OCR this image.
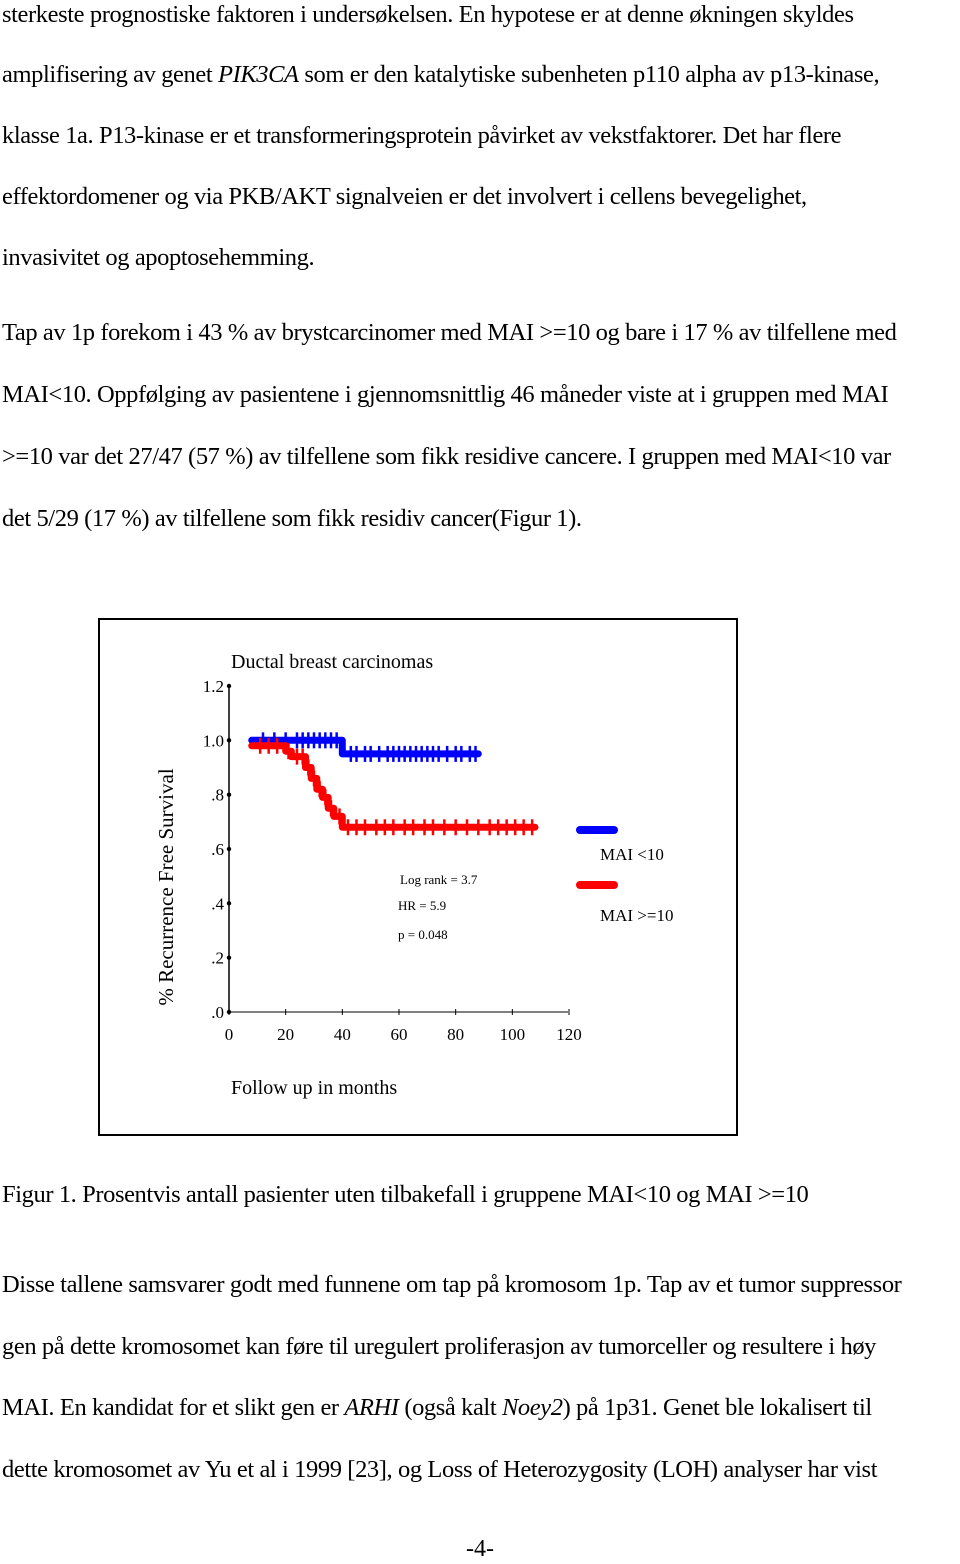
sterkeste prognostiske faktoren i undersøkelsen. En hypotese er at denne økningen skyldes
amplifisering av genet PIK3CA som er den katalytiske subenheten p110 alpha av p13-kinase,
klasse 1a. P13-kinase er et transformeringsprotein påvirket av vekstfaktorer. Det har flere
effektordomener og via PKB/AKT signalveien er det involvert i cellens bevegelighet,
invasivitet og apoptosehemming.
Tap av 1p forekom i 43 % av brystcarcinomer med MAI >=10 og bare i 17 % av tilfellene med
MAI<10. Oppfølging av pasientene i gjennomsnittlig 46 måneder viste at i gruppen med MAI
>=10 var det 27/47 (57 %) av tilfellene som fikk residive cancere. I gruppen med MAI<10 var
det 5/29 (17 %) av tilfellene som fikk residiv cancer(Figur 1).
Ductal breast carcinomas
% Recurrence Free Survival
Follow up in months
.0
.2
.4
.6
.8
1.0
1.2
0	20 40 60 80 100 120
Log rank = 3.7
HR = 5.9
p = 0.048
MAI <10
MAI >=10
Figur 1. Prosentvis antall pasienter uten tilbakefall i gruppene MAI<10 og MAI >=10
Disse tallene samsvarer godt med funnene om tap på kromosom 1p. Tap av et tumor suppressor
gen på dette kromosomet kan føre til uregulert proliferasjon av tumorceller og resultere i høy
MAI. En kandidat for et slikt gen er ARHI (også kalt Noey2) på 1p31. Genet ble lokalisert til
dette kromosomet av Yu et al i 1999 [23], og Loss of Heterozygosity (LOH) analyser har vist
-4-
